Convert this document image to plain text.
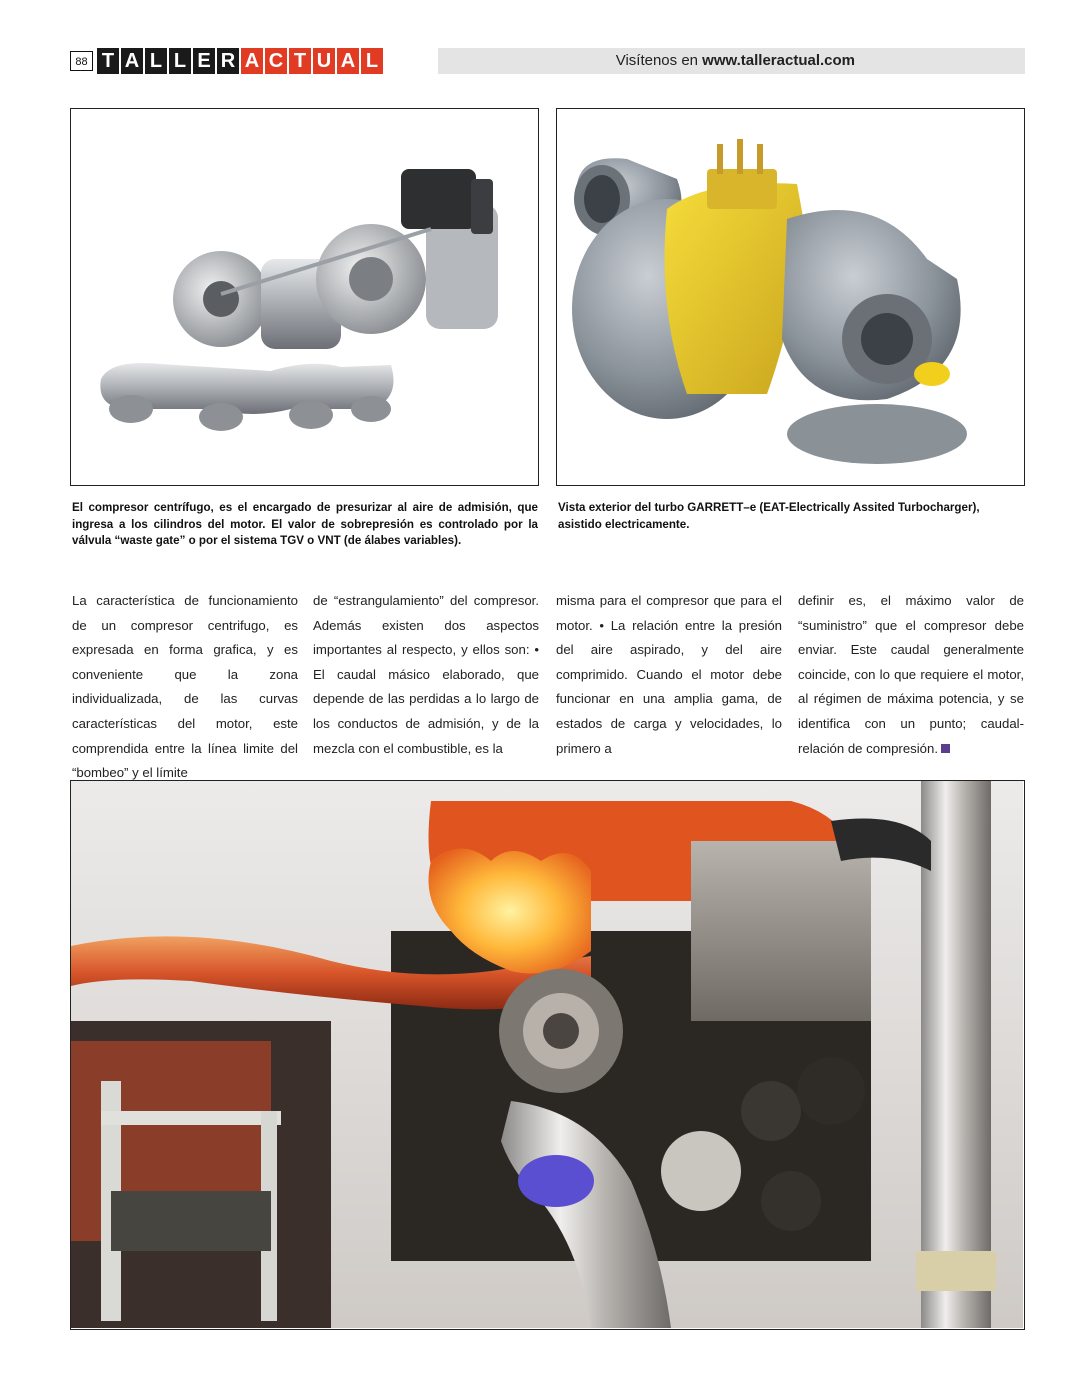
88 T A L L E R A C T U A L	Visítenos en www.talleractual.com
El compresor centrífugo, es el encargado de presurizar al aire de admisión, que ingresa a los cilindros del motor. El valor de sobrepresión es controlado por la válvula “waste gate” o por el sistema TGV o VNT (de álabes variables).
Vista exterior del turbo GARRETT–e (EAT-Electrically Assited Turbocharger), asistido electricamente.
La característica de funcionamiento de un compresor centrifugo, es expresada en forma grafica, y es conveniente que la zona individualizada, de las curvas características del motor, este comprendida entre la línea limite del “bombeo” y el límite
de “estrangulamiento” del compresor. Además existen dos aspectos importantes al respecto, y ellos son: • El caudal másico elaborado, que depende de las perdidas a lo largo de los conductos de admisión, y de la mezcla con el combustible, es la
misma para el compresor que para el motor. • La relación entre la presión del aire aspirado, y del aire comprimido. Cuando el motor debe funcionar en una amplia gama, de estados de carga y velocidades, lo primero a
definir es, el máximo valor de “suministro” que el compresor debe enviar. Este caudal generalmente coincide, con lo que requiere el motor, al régimen de máxima potencia, y se identifica con un punto; caudal-relación de compresión.
